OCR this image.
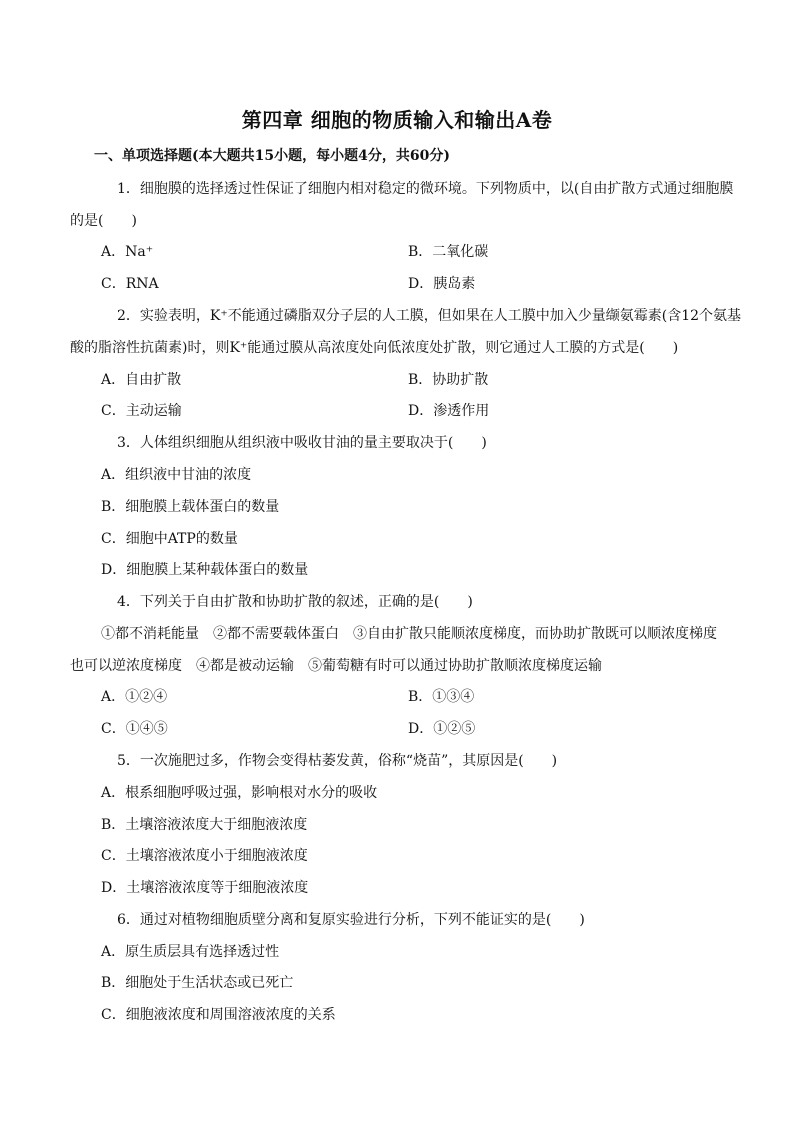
第四章 细胞的物质输入和输出A卷
一、单项选择题(本大题共15小题，每小题4分，共60分)
1．细胞膜的选择透过性保证了细胞内相对稳定的微环境。下列物质中，以(自由扩散方式通过细胞膜
的是(　　)
A．Na⁺	B．二氧化碳
C．RNA	D．胰岛素
2．实验表明，K⁺不能通过磷脂双分子层的人工膜，但如果在人工膜中加入少量缬氨霉素(含12个氨基
酸的脂溶性抗菌素)时，则K⁺能通过膜从高浓度处向低浓度处扩散，则它通过人工膜的方式是(　　)
A．自由扩散	B．协助扩散
C．主动运输	D．渗透作用
3．人体组织细胞从组织液中吸收甘油的量主要取决于(　　)
A．组织液中甘油的浓度
B．细胞膜上载体蛋白的数量
C．细胞中ATP的数量
D．细胞膜上某种载体蛋白的数量
4．下列关于自由扩散和协助扩散的叙述，正确的是(　　)
①都不消耗能量　②都不需要载体蛋白　③自由扩散只能顺浓度梯度，而协助扩散既可以顺浓度梯度
也可以逆浓度梯度　④都是被动运输　⑤葡萄糖有时可以通过协助扩散顺浓度梯度运输
A．①②④	B．①③④
C．①④⑤	D．①②⑤
5．一次施肥过多，作物会变得枯萎发黄，俗称“烧苗”，其原因是(　　)
A．根系细胞呼吸过强，影响根对水分的吸收
B．土壤溶液浓度大于细胞液浓度
C．土壤溶液浓度小于细胞液浓度
D．土壤溶液浓度等于细胞液浓度
6．通过对植物细胞质壁分离和复原实验进行分析，下列不能证实的是(　　)
A．原生质层具有选择透过性
B．细胞处于生活状态或已死亡
C．细胞液浓度和周围溶液浓度的关系
